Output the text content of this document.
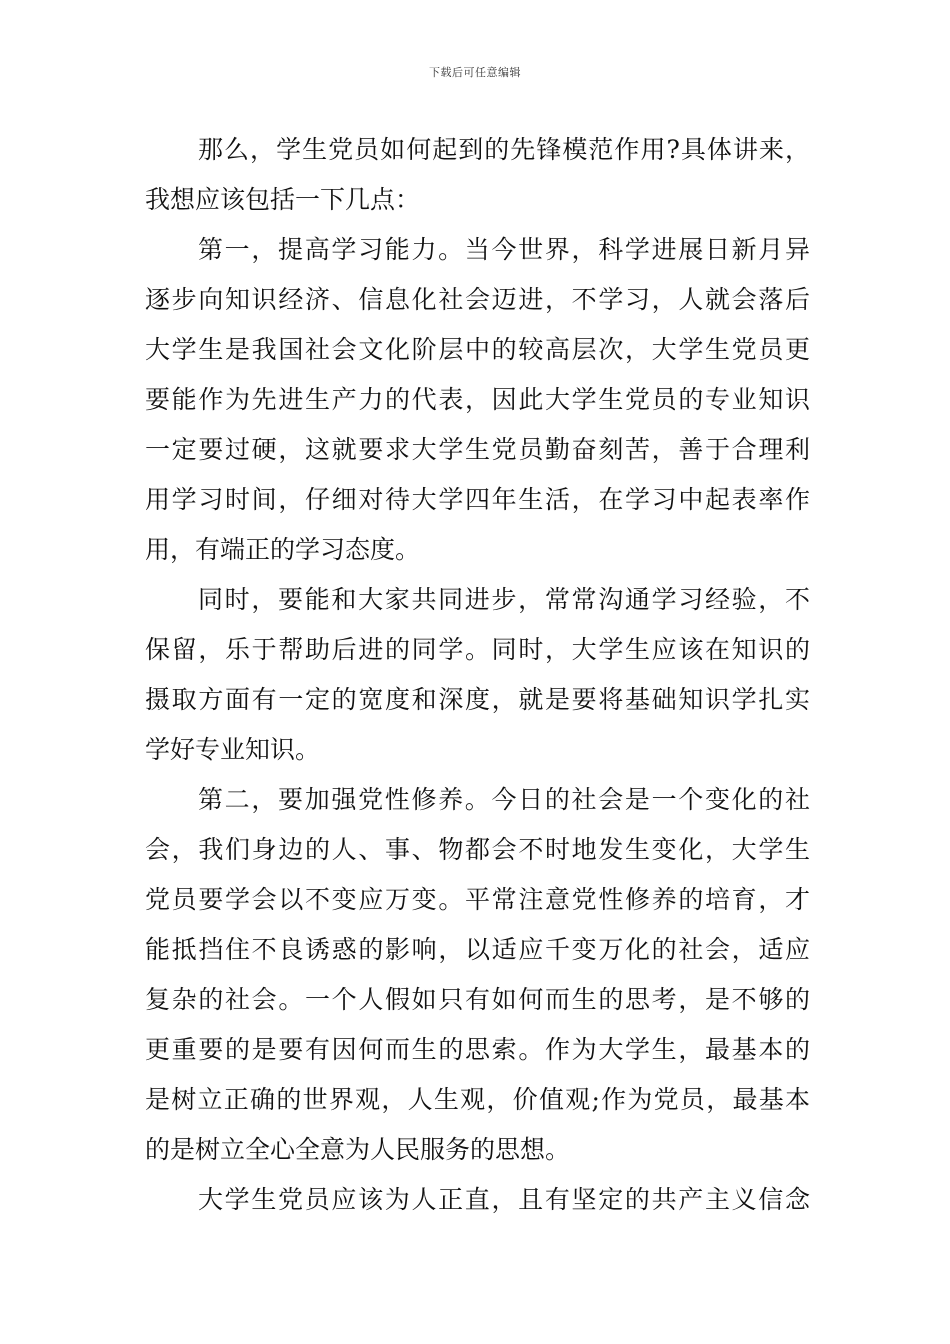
下载后可任意编辑
那么，学生党员如何起到的先锋模范作用?具体讲来，
我想应该包括一下几点：
第一，提高学习能力。当今世界，科学进展日新月异
逐步向知识经济、信息化社会迈进，不学习，人就会落后
大学生是我国社会文化阶层中的较高层次，大学生党员更
要能作为先进生产力的代表，因此大学生党员的专业知识
一定要过硬，这就要求大学生党员勤奋刻苦，善于合理利
用学习时间，仔细对待大学四年生活，在学习中起表率作
用，有端正的学习态度。
同时，要能和大家共同进步，常常沟通学习经验，不
保留，乐于帮助后进的同学。同时，大学生应该在知识的
摄取方面有一定的宽度和深度，就是要将基础知识学扎实
学好专业知识。
第二，要加强党性修养。今日的社会是一个变化的社
会，我们身边的人、事、物都会不时地发生变化，大学生
党员要学会以不变应万变。平常注意党性修养的培育，才
能抵挡住不良诱惑的影响，以适应千变万化的社会，适应
复杂的社会。一个人假如只有如何而生的思考，是不够的
更重要的是要有因何而生的思索。作为大学生，最基本的
是树立正确的世界观，人生观，价值观;作为党员，最基本
的是树立全心全意为人民服务的思想。
大学生党员应该为人正直，且有坚定的共产主义信念
